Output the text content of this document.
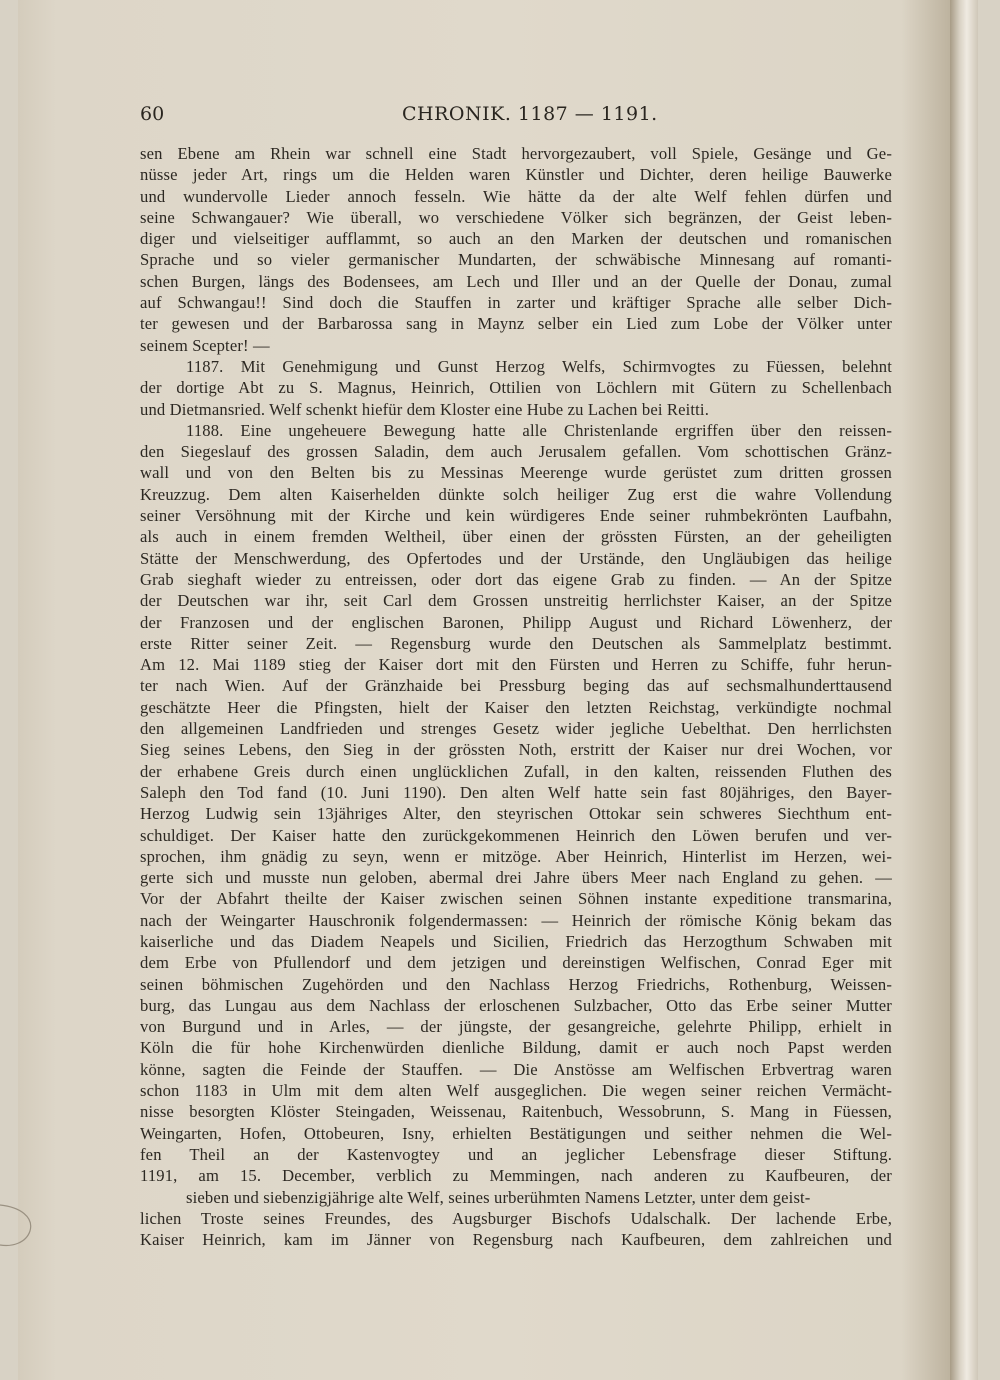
60	CHRONIK. 1187 — 1191.
sen Ebene am Rhein war schnell eine Stadt hervorgezaubert, voll Spiele, Gesänge und Ge-
nüsse jeder Art, rings um die Helden waren Künstler und Dichter, deren heilige Bauwerke
und wundervolle Lieder annoch fesseln. Wie hätte da der alte Welf fehlen dürfen und
seine Schwangauer? Wie überall, wo verschiedene Völker sich begränzen, der Geist leben-
diger und vielseitiger aufflammt, so auch an den Marken der deutschen und romanischen
Sprache und so vieler germanischer Mundarten, der schwäbische Minnesang auf romanti-
schen Burgen, längs des Bodensees, am Lech und Iller und an der Quelle der Donau, zumal
auf Schwangau!! Sind doch die Stauffen in zarter und kräftiger Sprache alle selber Dich-
ter gewesen und der Barbarossa sang in Maynz selber ein Lied zum Lobe der Völker unter
seinem Scepter! —
1187. Mit Genehmigung und Gunst Herzog Welfs, Schirmvogtes zu Füessen, belehnt
der dortige Abt zu S. Magnus, Heinrich, Ottilien von Löchlern mit Gütern zu Schellenbach
und Dietmansried. Welf schenkt hiefür dem Kloster eine Hube zu Lachen bei Reitti.
1188. Eine ungeheuere Bewegung hatte alle Christenlande ergriffen über den reissen-
den Siegeslauf des grossen Saladin, dem auch Jerusalem gefallen. Vom schottischen Gränz-
wall und von den Belten bis zu Messinas Meerenge wurde gerüstet zum dritten grossen
Kreuzzug. Dem alten Kaiserhelden dünkte solch heiliger Zug erst die wahre Vollendung
seiner Versöhnung mit der Kirche und kein würdigeres Ende seiner ruhmbekrönten Laufbahn,
als auch in einem fremden Weltheil, über einen der grössten Fürsten, an der geheiligten
Stätte der Menschwerdung, des Opfertodes und der Urstände, den Ungläubigen das heilige
Grab sieghaft wieder zu entreissen, oder dort das eigene Grab zu finden. — An der Spitze
der Deutschen war ihr, seit Carl dem Grossen unstreitig herrlichster Kaiser, an der Spitze
der Franzosen und der englischen Baronen, Philipp August und Richard Löwenherz, der
erste Ritter seiner Zeit. — Regensburg wurde den Deutschen als Sammelplatz bestimmt.
Am 12. Mai 1189 stieg der Kaiser dort mit den Fürsten und Herren zu Schiffe, fuhr herun-
ter nach Wien. Auf der Gränzhaide bei Pressburg beging das auf sechsmalhunderttausend
geschätzte Heer die Pfingsten, hielt der Kaiser den letzten Reichstag, verkündigte nochmal
den allgemeinen Landfrieden und strenges Gesetz wider jegliche Uebelthat. Den herrlichsten
Sieg seines Lebens, den Sieg in der grössten Noth, erstritt der Kaiser nur drei Wochen, vor
der erhabene Greis durch einen unglücklichen Zufall, in den kalten, reissenden Fluthen des
Saleph den Tod fand (10. Juni 1190). Den alten Welf hatte sein fast 80jähriges, den Bayer-
Herzog Ludwig sein 13jähriges Alter, den steyrischen Ottokar sein schweres Siechthum ent-
schuldiget. Der Kaiser hatte den zurückgekommenen Heinrich den Löwen berufen und ver-
sprochen, ihm gnädig zu seyn, wenn er mitzöge. Aber Heinrich, Hinterlist im Herzen, wei-
gerte sich und musste nun geloben, abermal drei Jahre übers Meer nach England zu gehen. —
Vor der Abfahrt theilte der Kaiser zwischen seinen Söhnen instante expeditione transmarina,
nach der Weingarter Hauschronik folgendermassen: — Heinrich der römische König bekam das
kaiserliche und das Diadem Neapels und Sicilien, Friedrich das Herzogthum Schwaben mit
dem Erbe von Pfullendorf und dem jetzigen und dereinstigen Welfischen, Conrad Eger mit
seinen böhmischen Zugehörden und den Nachlass Herzog Friedrichs, Rothenburg, Weissen-
burg, das Lungau aus dem Nachlass der erloschenen Sulzbacher, Otto das Erbe seiner Mutter
von Burgund und in Arles, — der jüngste, der gesangreiche, gelehrte Philipp, erhielt in
Köln die für hohe Kirchenwürden dienliche Bildung, damit er auch noch Papst werden
könne, sagten die Feinde der Stauffen. — Die Anstösse am Welfischen Erbvertrag waren
schon 1183 in Ulm mit dem alten Welf ausgeglichen. Die wegen seiner reichen Vermächt-
nisse besorgten Klöster Steingaden, Weissenau, Raitenbuch, Wessobrunn, S. Mang in Füessen,
Weingarten, Hofen, Ottobeuren, Isny, erhielten Bestätigungen und seither nehmen die Wel-
fen Theil an der Kastenvogtey und an jeglicher Lebensfrage dieser Stiftung.
1191, am 15. December, verblich zu Memmingen, nach anderen zu Kaufbeuren, der
sieben und siebenzigjährige alte Welf, seines urberühmten Namens Letzter, unter dem geist-
lichen Troste seines Freundes, des Augsburger Bischofs Udalschalk. Der lachende Erbe,
Kaiser Heinrich, kam im Jänner von Regensburg nach Kaufbeuren, dem zahlreichen und
